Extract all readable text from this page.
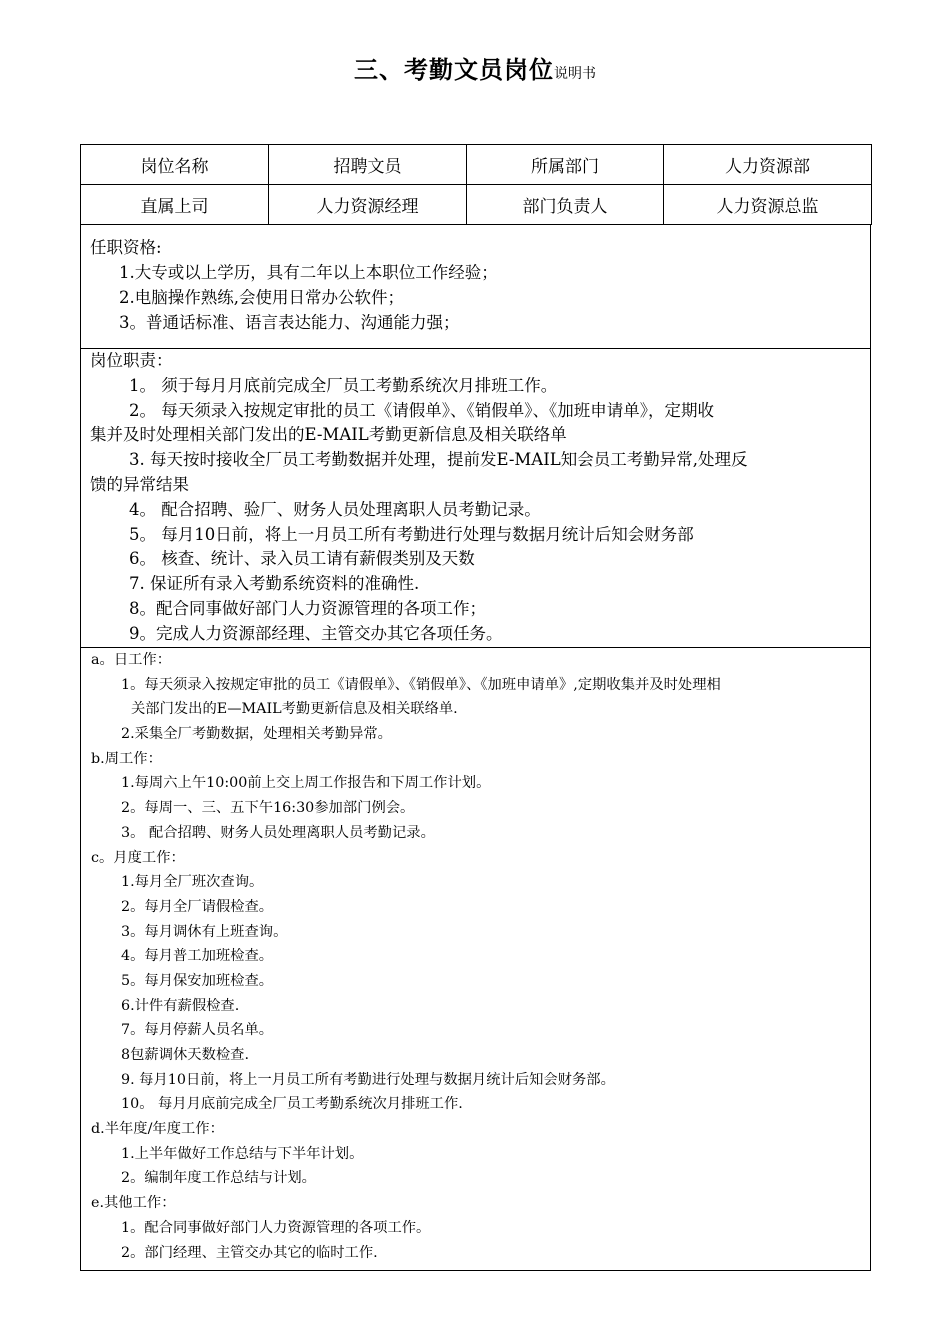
三、考勤文员岗位说明书
岗位名称	招聘文员	所属部门	人力资源部
直属上司	人力资源经理	部门负责人	人力资源总监
任职资格:
1.大专或以上学历，具有二年以上本职位工作经验；
2.电脑操作熟练,会使用日常办公软件；
3。普通话标准、语言表达能力、沟通能力强；
岗位职责：
1。 须于每月月底前完成全厂员工考勤系统次月排班工作。
2。 每天须录入按规定审批的员工《请假单》、《销假单》、《加班申请单》，定期收
集并及时处理相关部门发出的E-MAIL考勤更新信息及相关联络单
3. 每天按时接收全厂员工考勤数据并处理，提前发E-MAIL知会员工考勤异常,处理反
馈的异常结果
4。 配合招聘、验厂、财务人员处理离职人员考勤记录。
5。 每月10日前，将上一月员工所有考勤进行处理与数据月统计后知会财务部
6。 核查、统计、录入员工请有薪假类别及天数
7. 保证所有录入考勤系统资料的准确性.
8。配合同事做好部门人力资源管理的各项工作；
9。完成人力资源部经理、主管交办其它各项任务。
a。日工作：
1。每天须录入按规定审批的员工《请假单》、《销假单》、《加班申请单》,定期收集并及时处理相
关部门发出的E—MAIL考勤更新信息及相关联络单.
2.采集全厂考勤数据，处理相关考勤异常。
b.周工作：
1.每周六上午10:00前上交上周工作报告和下周工作计划。
2。每周一、三、五下午16:30参加部门例会。
3。 配合招聘、财务人员处理离职人员考勤记录。
c。月度工作：
1.每月全厂班次查询。
2。每月全厂请假检查。
3。每月调休有上班查询。
4。每月普工加班检查。
5。每月保安加班检查。
6.计件有薪假检查.
7。每月停薪人员名单。
8包薪调休天数检查.
9. 每月10日前，将上一月员工所有考勤进行处理与数据月统计后知会财务部。
10。 每月月底前完成全厂员工考勤系统次月排班工作.
d.半年度/年度工作：
1.上半年做好工作总结与下半年计划。
2。编制年度工作总结与计划。
e.其他工作：
1。配合同事做好部门人力资源管理的各项工作。
2。部门经理、主管交办其它的临时工作.
